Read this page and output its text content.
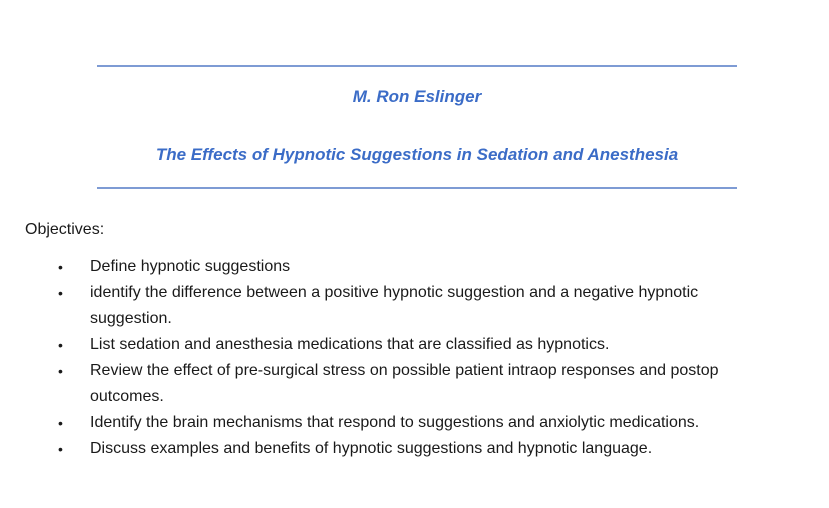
M. Ron Eslinger

The Effects of Hypnotic Suggestions in Sedation and Anesthesia

Objectives:

•	Define hypnotic suggestions
•	identify the difference between a positive hypnotic suggestion and a negative hypnotic suggestion.
•	List sedation and anesthesia medications that are classified as hypnotics.
•	Review the effect of pre-surgical stress on possible patient intraop responses and postop outcomes.
•	Identify the brain mechanisms that respond to suggestions and anxiolytic medications.
•	Discuss examples and benefits of hypnotic suggestions and hypnotic language.
